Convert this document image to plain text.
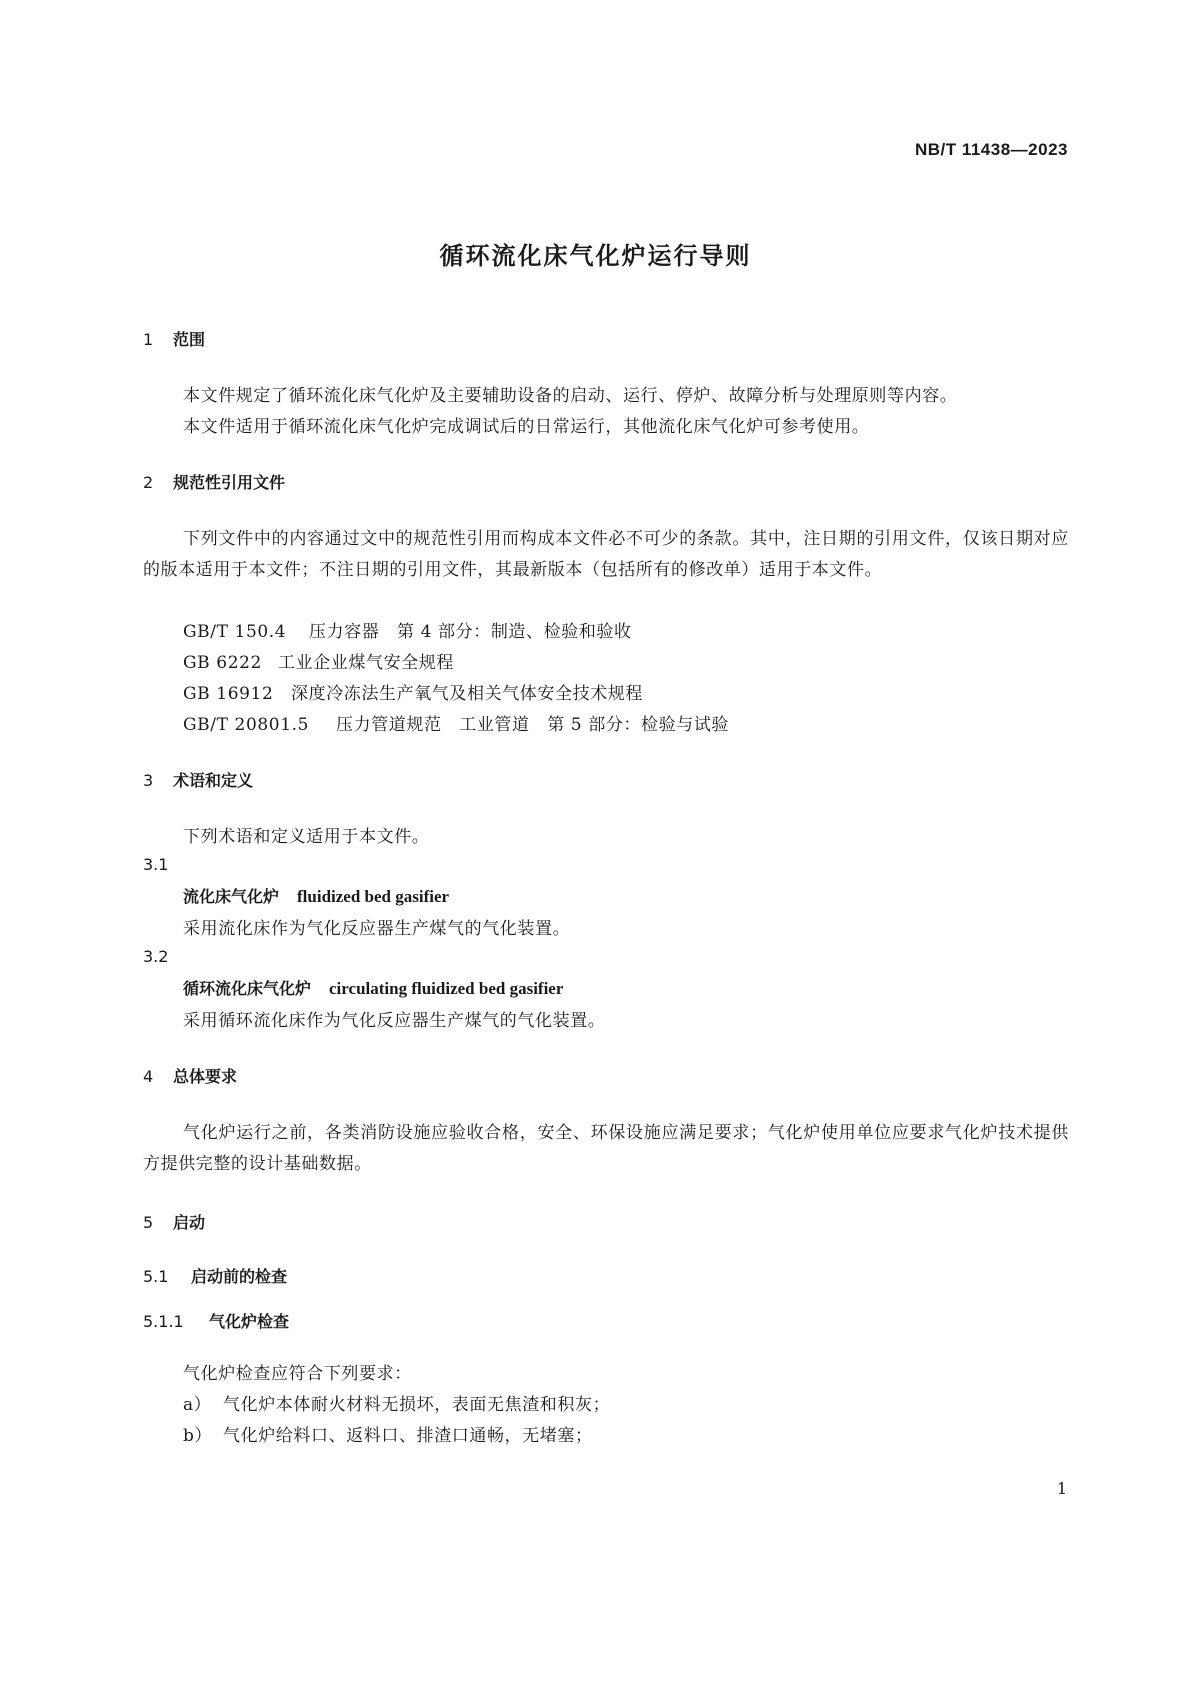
NB/T 11438—2023
循环流化床气化炉运行导则
1 范围
本文件规定了循环流化床气化炉及主要辅助设备的启动、运行、停炉、故障分析与处理原则等内容。
本文件适用于循环流化床气化炉完成调试后的日常运行，其他流化床气化炉可参考使用。
2 规范性引用文件
下列文件中的内容通过文中的规范性引用而构成本文件必不可少的条款。其中，注日期的引用文件，仅该日期对应的版本适用于本文件；不注日期的引用文件，其最新版本（包括所有的修改单）适用于本文件。
GB/T 150.4 压力容器　第 4 部分：制造、检验和验收
GB 6222 工业企业煤气安全规程
GB 16912 深度冷冻法生产氧气及相关气体安全技术规程
GB/T 20801.5 压力管道规范　工业管道　第 5 部分：检验与试验
3 术语和定义
下列术语和定义适用于本文件。
3.1
流化床气化炉 fluidized bed gasifier
采用流化床作为气化反应器生产煤气的气化装置。
3.2
循环流化床气化炉 circulating fluidized bed gasifier
采用循环流化床作为气化反应器生产煤气的气化装置。
4 总体要求
气化炉运行之前，各类消防设施应验收合格，安全、环保设施应满足要求；气化炉使用单位应要求气化炉技术提供方提供完整的设计基础数据。
5 启动
5.1 启动前的检查
5.1.1 气化炉检查
气化炉检查应符合下列要求：
a） 气化炉本体耐火材料无损坏，表面无焦渣和积灰；
b） 气化炉给料口、返料口、排渣口通畅，无堵塞；
1
